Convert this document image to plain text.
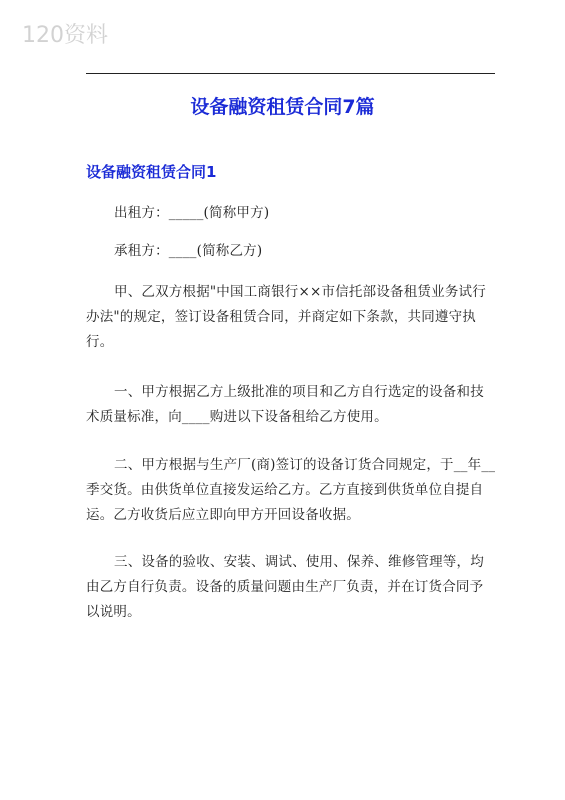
120资料
设备融资租赁合同7篇
设备融资租赁合同1

出租方：_____(简称甲方)

承租方：____(简称乙方)

甲、乙双方根据"中国工商银行××市信托部设备租赁业务试行办法"的规定，签订设备租赁合同，并商定如下条款，共同遵守执行。

一、甲方根据乙方上级批准的项目和乙方自行选定的设备和技术质量标准，向____购进以下设备租给乙方使用。

二、甲方根据与生产厂(商)签订的设备订货合同规定，于__年__季交货。由供货单位直接发运给乙方。乙方直接到供货单位自提自运。乙方收货后应立即向甲方开回设备收据。

三、设备的验收、安装、调试、使用、保养、维修管理等，均由乙方自行负责。设备的质量问题由生产厂负责，并在订货合同予以说明。
